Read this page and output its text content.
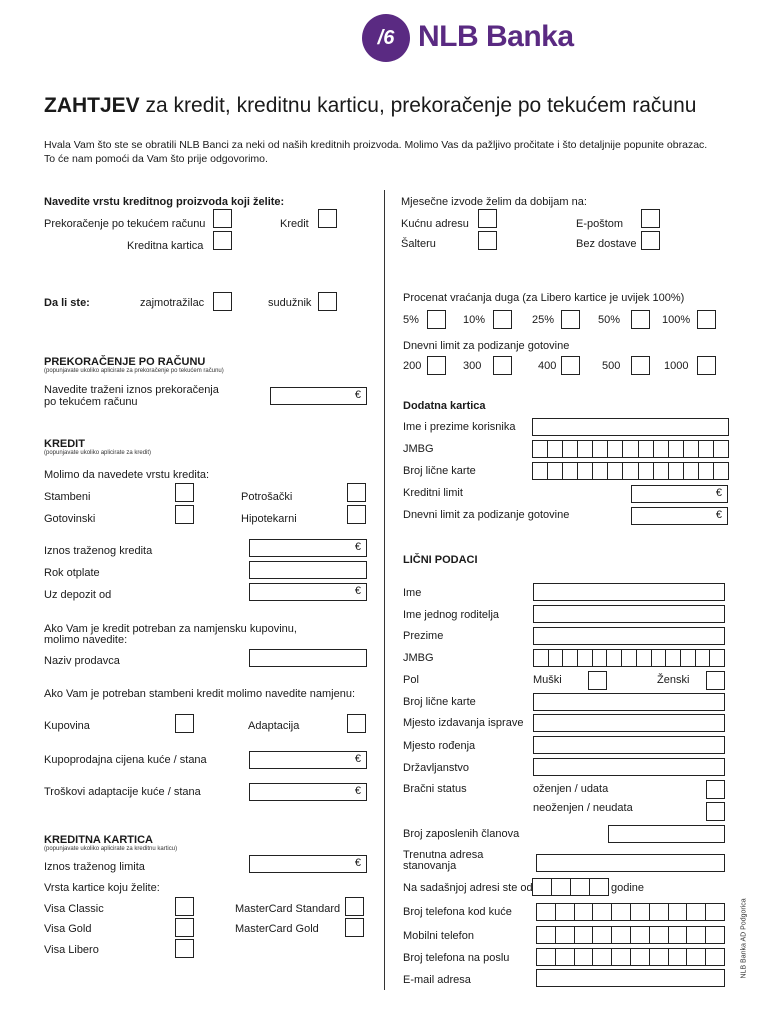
/6 NLB Banka
ZAHTJEV za kredit, kreditnu karticu, prekoračenje po tekućem računu
Hvala Vam što ste se obratili NLB Banci za neki od naših kreditnih proizvoda. Molimo Vas da pažljivo pročitate i što detaljnije popunite obrazac.
To će nam pomoći da Vam što prije odgovorimo.
Navedite vrstu kreditnog proizvoda koji želite:
Prekoračenje po tekućem računu	Kredit
Kreditna kartica
Da li ste:	zajmotražilac	sudužnik
PREKORAČENJE PO RAČUNU
(popunjavate ukoliko aplicirate za prekoračenje po tekućem računu)
Navedite traženi iznos prekoračenja
po tekućem računu
€
KREDIT
(popunjavate ukoliko aplicirate za kredit)
Molimo da navedete vrstu kredita:
Stambeni	Potrošački
Gotovinski	Hipotekarni
Iznos traženog kredita	€
Rok otplate
Uz depozit od	€
Ako Vam je kredit potreban za namjensku kupovinu,
molimo navedite:
Naziv prodavca
Ako Vam je potreban stambeni kredit molimo navedite namjenu:
Kupovina	Adaptacija
Kupoprodajna cijena kuće / stana	€
Troškovi adaptacije kuće / stana	€
KREDITNA KARTICA
(popunjavate ukoliko aplicirate za kreditnu karticu)
Iznos traženog limita	€
Vrsta kartice koju želite:
Visa Classic	MasterCard Standard
Visa Gold	MasterCard Gold
Visa Libero
Mjesečne izvode želim da dobijam na:
Kućnu adresu	E-poštom
Šalteru	Bez dostave
Procenat vraćanja duga (za Libero kartice je uvijek 100%)
5%	10%	25%	50%	100%
Dnevni limit za podizanje gotovine
200	300	400	500	1000
Dodatna kartica
Ime i prezime korisnika
JMBG
Broj lične karte
Kreditni limit	€
Dnevni limit za podizanje gotovine	€
LIČNI PODACI
Ime
Ime jednog roditelja
Prezime
JMBG
Pol	Muški	Ženski
Broj lične karte
Mjesto izdavanja isprave
Mjesto rođenja
Državljanstvo
Bračni status	oženjen / udata
neoženjen / neudata
Broj zaposlenih članova
Trenutna adresa
stanovanja
Na sadašnjoj adresi ste od	godine
Broj telefona kod kuće
Mobilni telefon
Broj telefona na poslu
E-mail adresa
NLB Banka AD Podgorica
